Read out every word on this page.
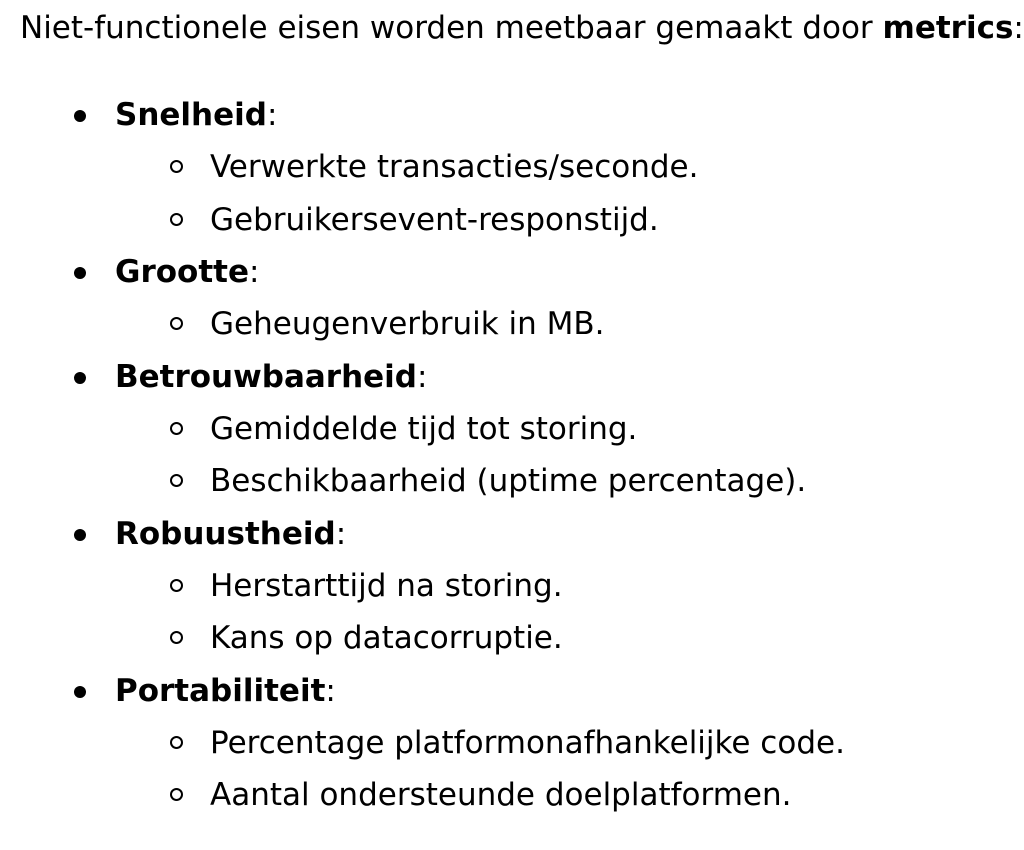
Niet-functionele eisen worden meetbaar gemaakt door metrics:
Snelheid:
Verwerkte transacties/seconde.
Gebruikersevent-responstijd.
Grootte:
Geheugenverbruik in MB.
Betrouwbaarheid:
Gemiddelde tijd tot storing.
Beschikbaarheid (uptime percentage).
Robuustheid:
Herstarttijd na storing.
Kans op datacorruptie.
Portabiliteit:
Percentage platformonafhankelijke code.
Aantal ondersteunde doelplatformen.
